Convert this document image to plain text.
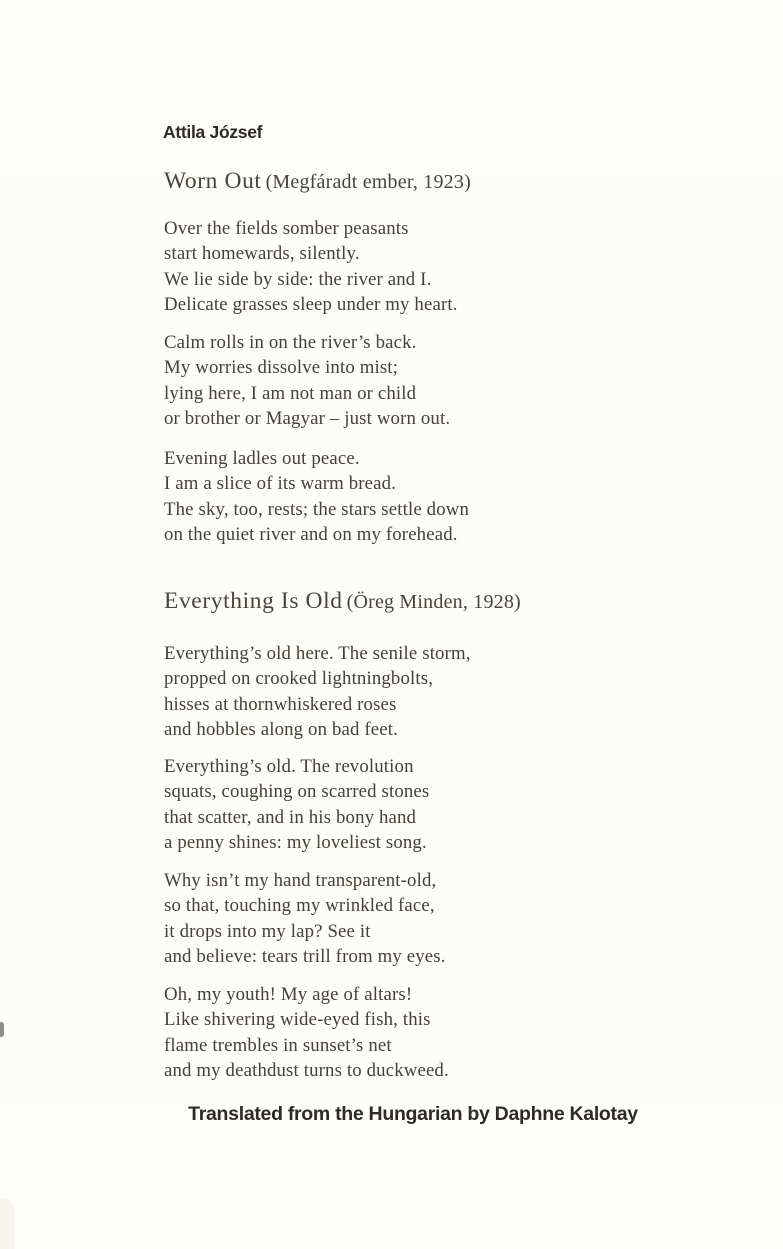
Attila József
Worn Out (Megfáradt ember, 1923)
Over the fields somber peasants
start homewards, silently.
We lie side by side: the river and I.
Delicate grasses sleep under my heart.
Calm rolls in on the river’s back.
My worries dissolve into mist;
lying here, I am not man or child
or brother or Magyar – just worn out.
Evening ladles out peace.
I am a slice of its warm bread.
The sky, too, rests; the stars settle down
on the quiet river and on my forehead.
Everything Is Old (Öreg Minden, 1928)
Everything’s old here. The senile storm,
propped on crooked lightningbolts,
hisses at thornwhiskered roses
and hobbles along on bad feet.
Everything’s old. The revolution
squats, coughing on scarred stones
that scatter, and in his bony hand
a penny shines: my loveliest song.
Why isn’t my hand transparent-old,
so that, touching my wrinkled face,
it drops into my lap? See it
and believe: tears trill from my eyes.
Oh, my youth! My age of altars!
Like shivering wide-eyed fish, this
flame trembles in sunset’s net
and my deathdust turns to duckweed.
Translated from the Hungarian by Daphne Kalotay
